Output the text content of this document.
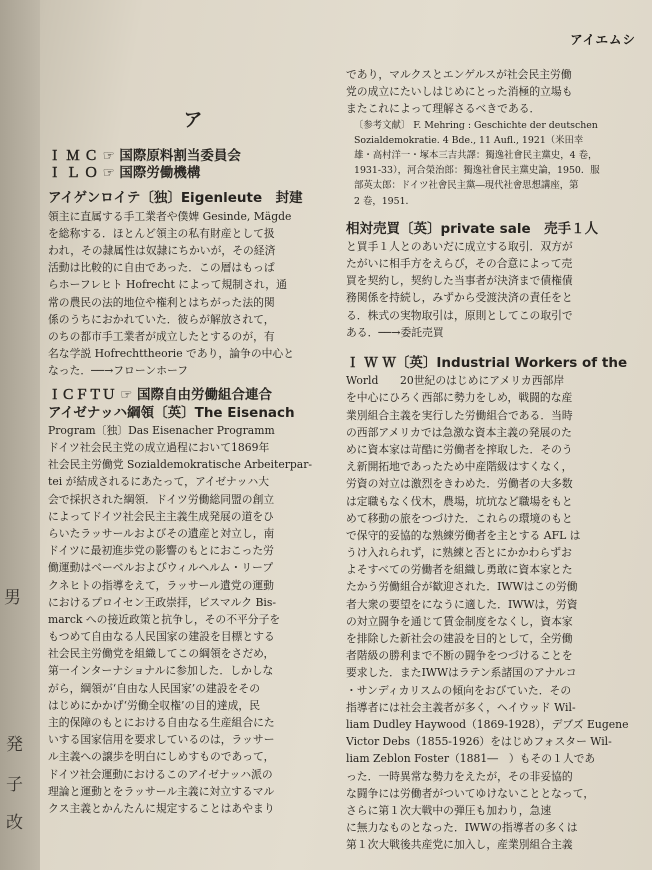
男
発
子
改
アイエムシ
ア
Ｉ Ｍ Ｃ ☞ 国際原料割当委員会
Ｉ Ｌ Ｏ ☞ 国際労働機構
アイゲンロイテ〔独〕Eigenleute　封建
領主に直属する手工業者や僕婢 Gesinde, Mägde
を総称する．ほとんど領主の私有財産として扱
われ，その隷属性は奴隷にちかいが，その経済
活動は比較的に自由であった．この層はもっぱ
らホーフレヒト Hofrecht によって規制され，通
常の農民の法的地位や権利とはちがった法的関
係のうちにおかれていた．彼らが解放されて，
のちの都市手工業者が成立したとするのが，有
名な学説 Hofrechttheorie であり，論争の中心と
なった．──→フローンホーフ
ＩＣＦＴＵ ☞ 国際自由労働組合連合
アイゼナッハ綱領〔英〕The Eisenach
Program〔独〕Das Eisenacher Programm
ドイツ社会民主党の成立過程において1869年
社会民主労働党 Sozialdemokratische Arbeiterpar-
tei が結成されるにあたって，アイゼナッハ大
会で採択された綱領．ドイツ労働総同盟の創立
によってドイツ社会民主主義生成発展の道をひ
らいたラッサールおよびその遺産と対立し，南
ドイツに最初進歩党の影響のもとにおこった労
働運動はベーベルおよびウィルヘルム・リープ
クネヒトの指導をえて，ラッサール遺党の運動
におけるプロイセン王政崇拝，ビスマルク Bis-
marck への接近政策と抗争し，その不平分子を
もつめて自由なる人民国家の建設を目標とする
社会民主労働党を組織してこの綱領をさだめ，
第一インターナショナルに参加した．しかしな
がら，綱領が‘自由な人民国家’の建設をその
はじめにかかげ‘労働全収権’の目的達成，民
主的保障のもとにおける自由なる生産組合にた
いする国家信用を要求しているのは，ラッサー
ル主義への譲歩を明白にしめすものであって，
ドイツ社会運動におけるこのアイゼナッハ派の
理論と運動とをラッサール主義に対立するマル
クス主義とかんたんに規定することはあやまり
であり，マルクスとエンゲルスが社会民主労働
党の成立にたいしはじめにとった消極的立場も
またこれによって理解さるべきである．
〔参考文献〕 F. Mehring : Geschichte der deutschen
Sozialdemokratie. 4 Bde., 11 Aufl., 1921（米田幸
雄・高村洋一・塚本三吉共譯：獨逸社會民主黨史，4 卷，
1931-33），河合榮治郎：獨逸社會民主黨史論，1950．服
部英太郎：ドイツ社會民主黨―現代社會思想講座，第
2 卷，1951．
相対売買〔英〕private sale　売手１人
と買手１人とのあいだに成立する取引．双方が
たがいに相手方をえらび，その合意によって売
買を契約し，契約した当事者が決済まで債権債
務関係を持続し，みずから受渡決済の責任をと
る．株式の実物取引は，原則としてこの取引で
ある．──→委託売買
Ｉ Ｗ Ｗ〔英〕Industrial Workers of the
World　　20世紀のはじめにアメリカ西部岸
を中心にひろく西部に勢力をしめ，戦闘的な産
業別組合主義を実行した労働組合である．当時
の西部アメリカでは急激な資本主義の発展のた
めに資本家は苛酷に労働者を搾取した．そのう
え新開拓地であったため中産階級はすくなく，
労資の対立は激烈をきわめた．労働者の大多数
は定職もなく伐木，農場，坑坑など職場をもと
めて移動の旅をつづけた．これらの環境のもと
で保守的妥協的な熟練労働者を主とする AFL は
うけ入れられず，に熟練と否とにかかわらずお
よそすべての労働者を組織し勇敢に資本家とた
たかう労働組合が歓迎された．IWWはこの労働
者大衆の要望をになうに適した．IWWは，労資
の対立闘争を通じて賃金制度をなくし，資本家
を排除した新社会の建設を目的として，全労働
者階級の勝利まで不断の闘争をつづけることを
要求した．またIWWはラテン系諸国のアナルコ
・サンディカリスムの傾向をおびていた．その
指導者には社会主義者が多く，ヘイウッド Wil-
liam Dudley Haywood（1869-1928），デブズ Eugene
Victor Debs（1855-1926）をはじめフォスター Wil-
liam Zeblon Foster（1881―　）もその１人であ
った．一時異常な勢力をえたが，その非妥協的
な闘争には労働者がついてゆけないこととなって，
さらに第１次大戦中の弾圧も加わり，急速
に無力なものとなった．IWWの指導者の多くは
第１次大戦後共産党に加入し，産業別組合主義
